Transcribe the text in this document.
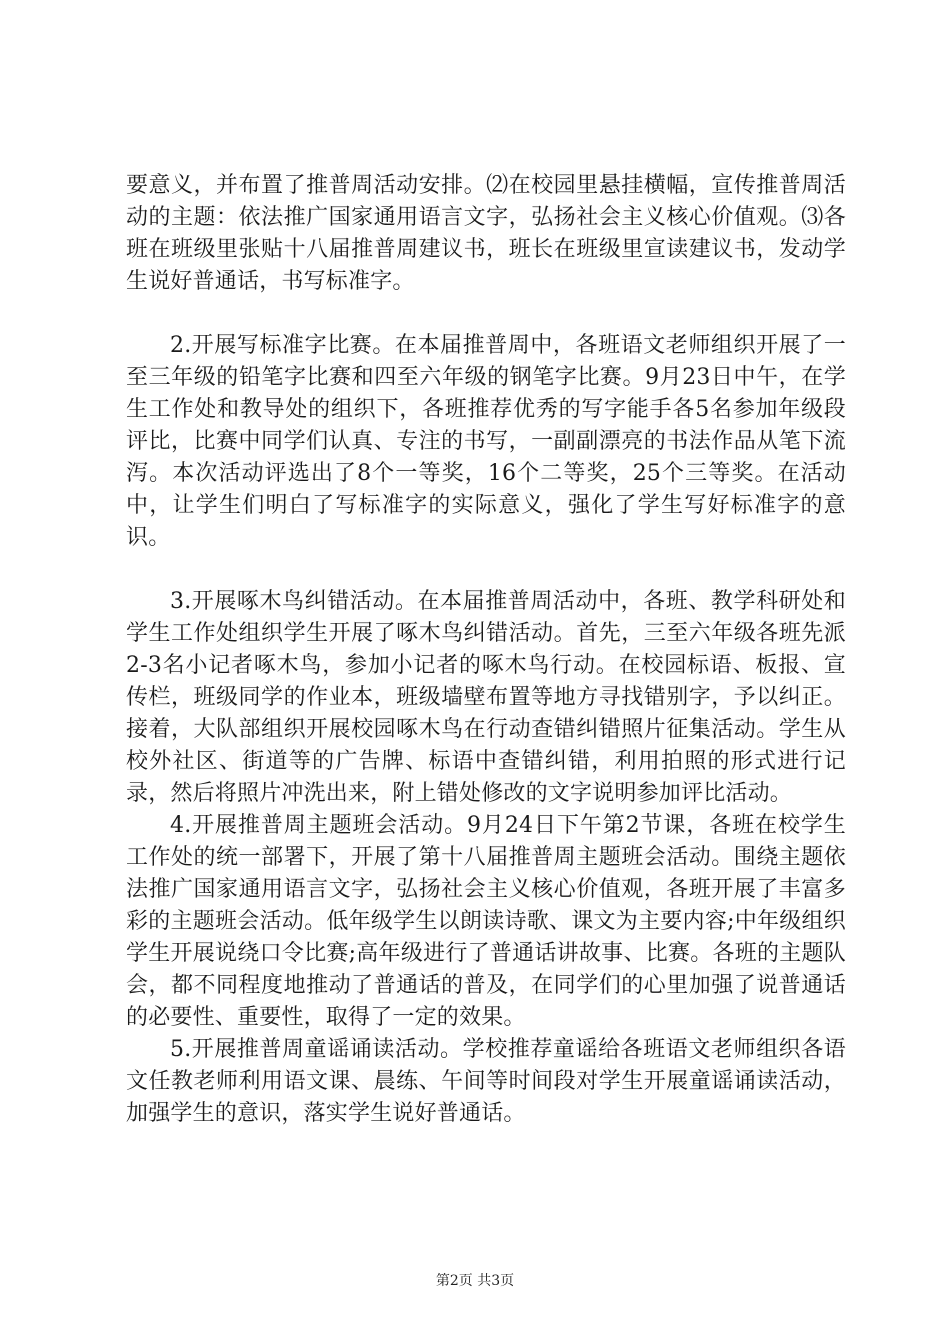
要意义，并布置了推普周活动安排。⑵在校园里悬挂横幅，宣传推普周活动的主题：依法推广国家通用语言文字，弘扬社会主义核心价值观。⑶各班在班级里张贴十八届推普周建议书，班长在班级里宣读建议书，发动学生说好普通话，书写标准字。

2.开展写标准字比赛。在本届推普周中，各班语文老师组织开展了一至三年级的铅笔字比赛和四至六年级的钢笔字比赛。9月23日中午，在学生工作处和教导处的组织下，各班推荐优秀的写字能手各5名参加年级段评比，比赛中同学们认真、专注的书写，一副副漂亮的书法作品从笔下流泻。本次活动评选出了8个一等奖，16个二等奖，25个三等奖。在活动中，让学生们明白了写标准字的实际意义，强化了学生写好标准字的意识。

3.开展啄木鸟纠错活动。在本届推普周活动中，各班、教学科研处和学生工作处组织学生开展了啄木鸟纠错活动。首先，三至六年级各班先派2-3名小记者啄木鸟，参加小记者的啄木鸟行动。在校园标语、板报、宣传栏，班级同学的作业本，班级墙壁布置等地方寻找错别字，予以纠正。接着，大队部组织开展校园啄木鸟在行动查错纠错照片征集活动。学生从校外社区、街道等的广告牌、标语中查错纠错，利用拍照的形式进行记录，然后将照片冲洗出来，附上错处修改的文字说明参加评比活动。

4.开展推普周主题班会活动。9月24日下午第2节课，各班在校学生工作处的统一部署下，开展了第十八届推普周主题班会活动。围绕主题依法推广国家通用语言文字，弘扬社会主义核心价值观，各班开展了丰富多彩的主题班会活动。低年级学生以朗读诗歌、课文为主要内容;中年级组织学生开展说绕口令比赛;高年级进行了普通话讲故事、比赛。各班的主题队会，都不同程度地推动了普通话的普及，在同学们的心里加强了说普通话的必要性、重要性，取得了一定的效果。

5.开展推普周童谣诵读活动。学校推荐童谣给各班语文老师组织各语文任教老师利用语文课、晨练、午间等时间段对学生开展童谣诵读活动，加强学生的意识，落实学生说好普通话。

第2页 共3页
